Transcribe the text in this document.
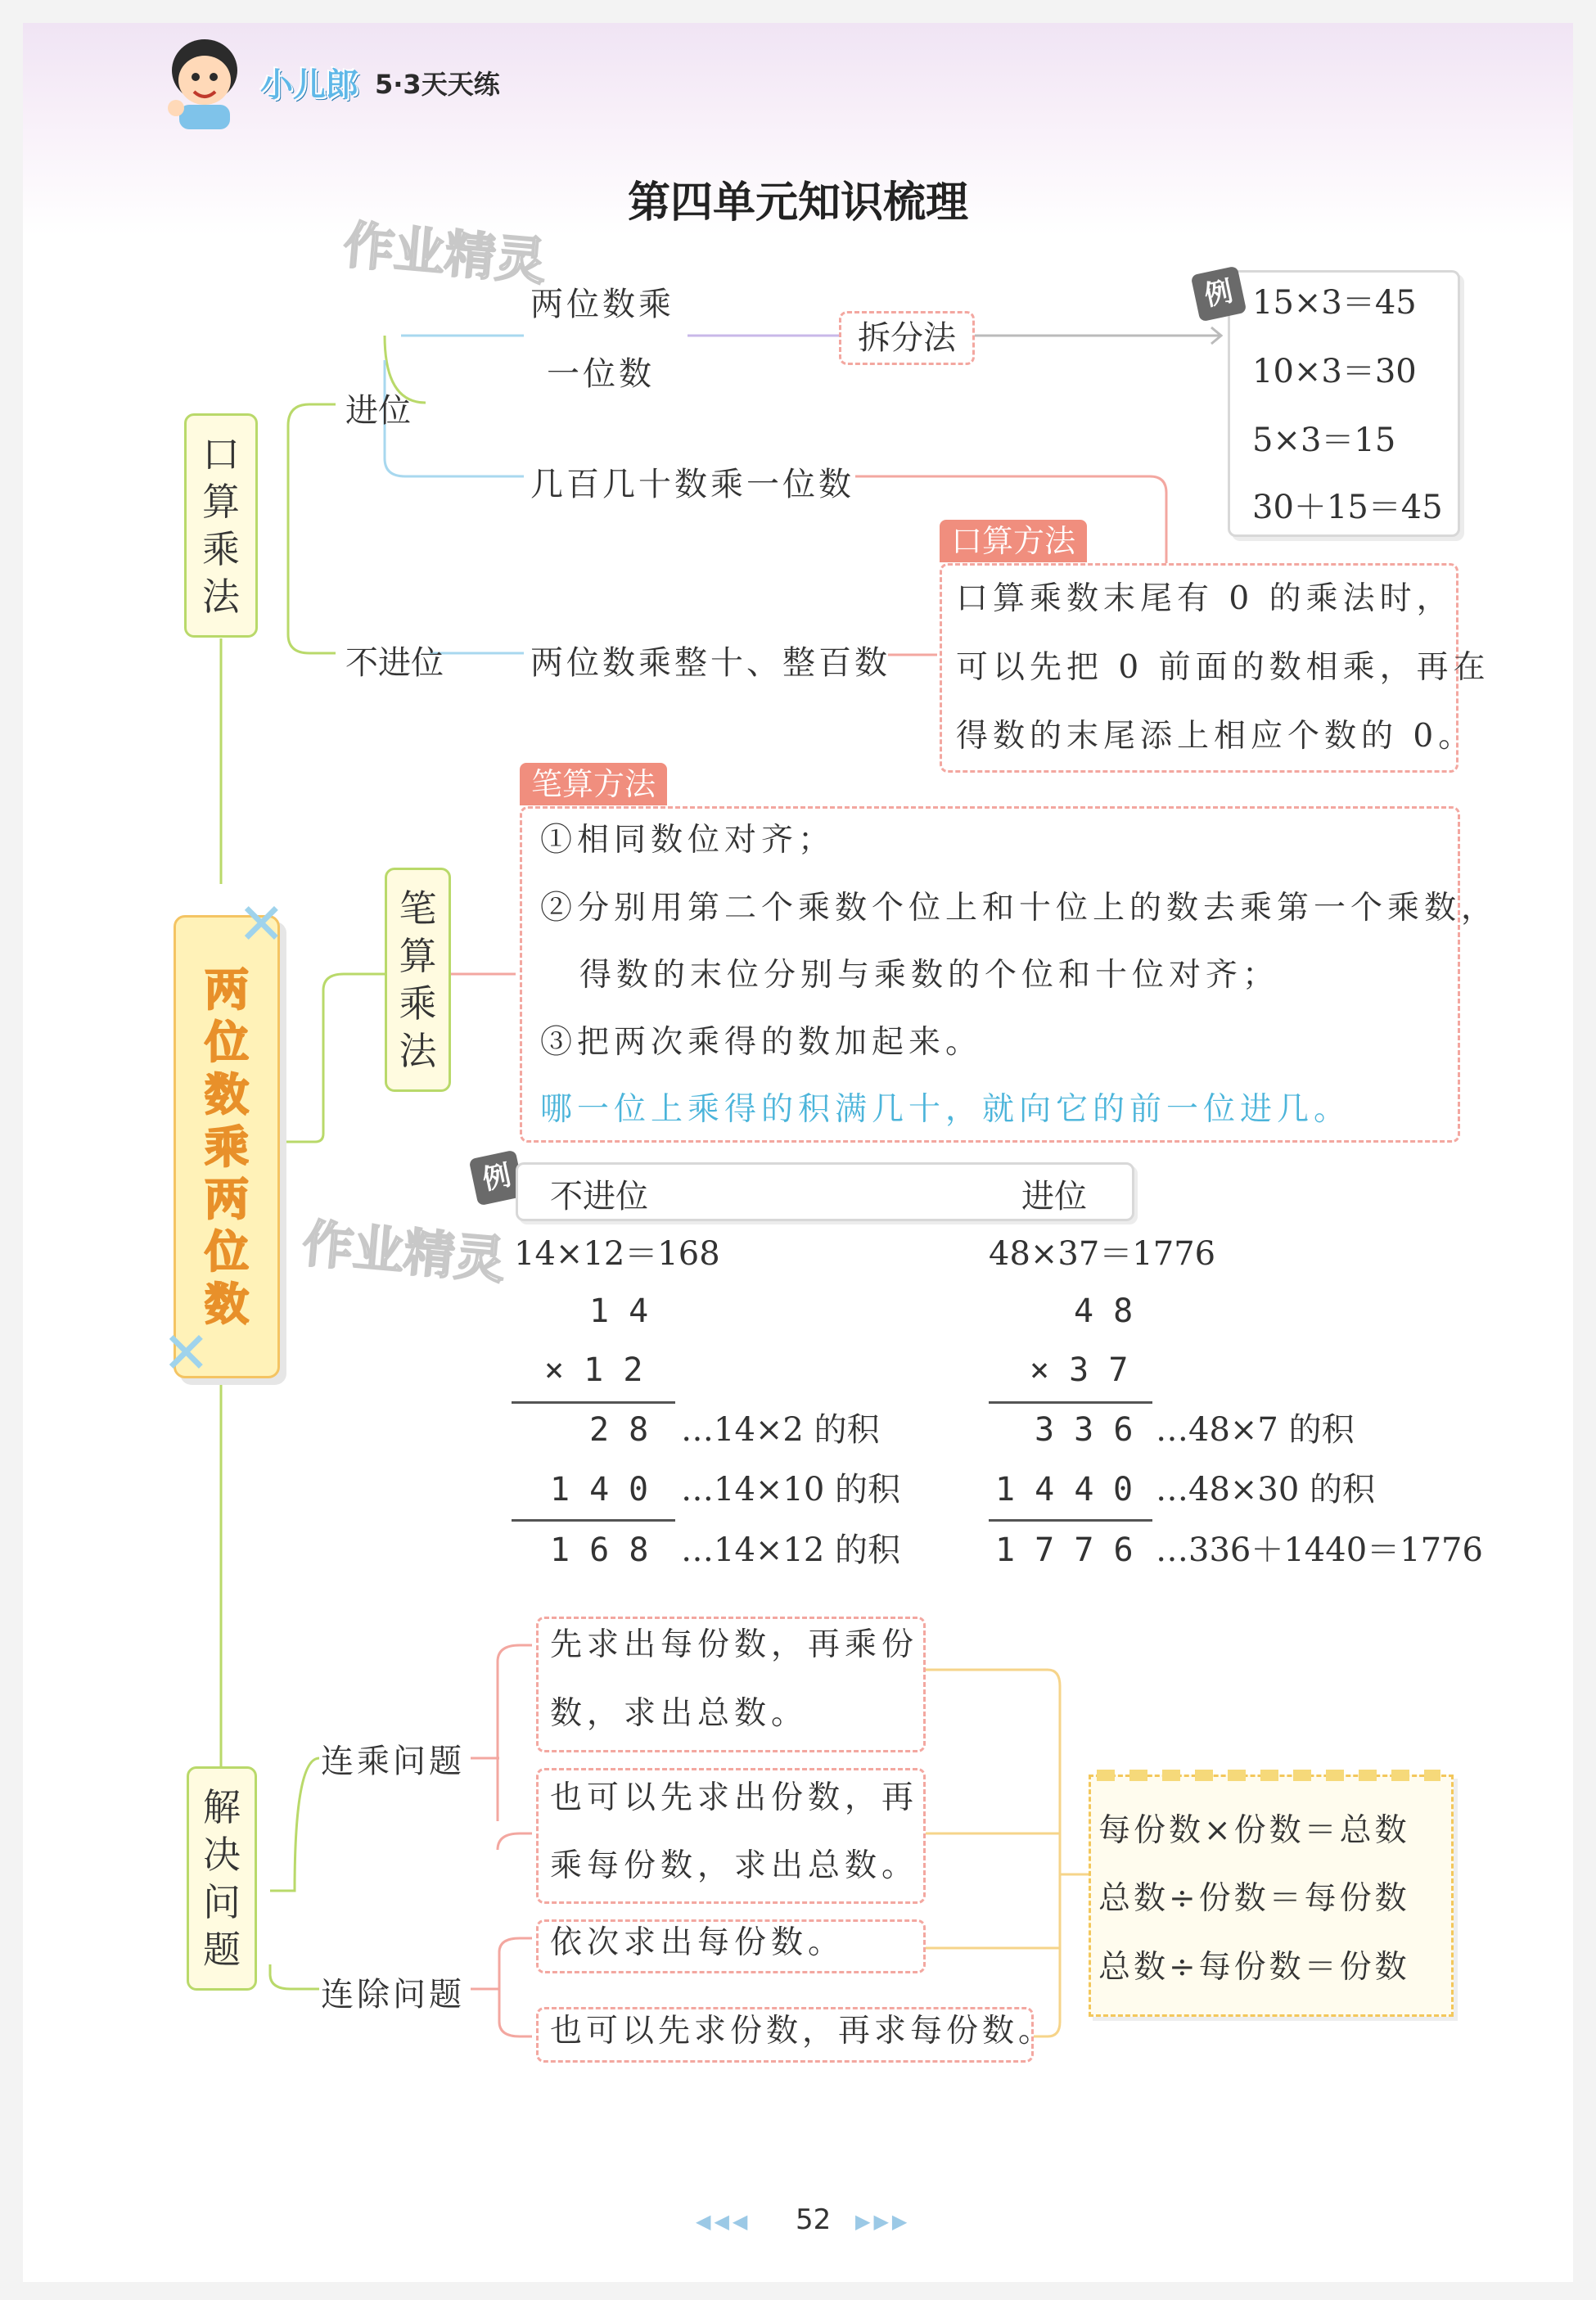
小儿郎 5·3天天练
第四单元知识梳理
作业精灵
作业精灵
口
算
乘
法
进位
不进位
两位数乘
一位数
拆分法
几百几十数乘一位数
两位数乘整十、整百数
例 15×3＝45
10×3＝30
5×3＝15
30＋15＝45
口算方法
口算乘数末尾有 0 的乘法时，
可以先把 0 前面的数相乘，再在
得数的末尾添上相应个数的 0。
两
位
数
乘
两
位
数
✕
✕
笔
算
乘
法
笔算方法
①相同数位对齐；
②分别用第二个乘数个位上和十位上的数去乘第一个乘数，
得数的末位分别与乘数的个位和十位对齐；
③把两次乘得的数加起来。
哪一位上乘得的积满几十，就向它的前一位进几。
例	不进位	进位
14×12＝168
1 4
× 1 2
2 8 …14×2 的积
1 4 0 …14×10 的积
1 6 8 …14×12 的积
48×37＝1776
4 8
× 3 7
3 3 6 …48×7 的积
1 4 4 0 …48×30 的积
1 7 7 6 …336＋1440＝1776
解
决
问
题
连乘问题
连除问题
先求出每份数，再乘份
数，求出总数。
也可以先求出份数，再
乘每份数，求出总数。
依次求出每份数。
也可以先求份数，再求每份数。
每份数×份数＝总数
总数÷份数＝每份数
总数÷每份数＝份数
◀◀◀ 52 ▶▶▶
